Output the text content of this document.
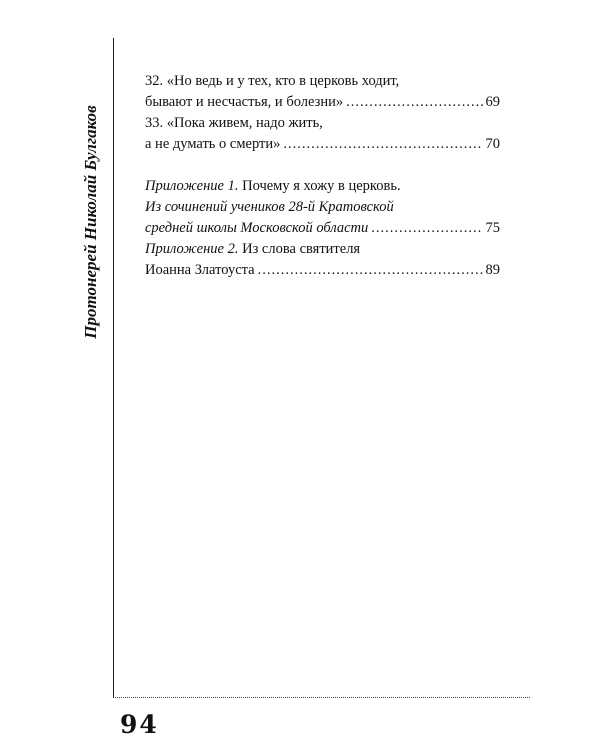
Протонерей Николай Булгаков
32. «Но ведь и у тех, кто в церковь ходит,
бывают и несчастья, и болезни» .....	69
33. «Пока живем, надо жить,
а не думать о смерти» .....	70
Приложение 1. Почему я хожу в церковь.
Из сочинений учеников 28-й Кратовской
средней школы Московской области .....	75
Приложение 2. Из слова святителя
Иоанна Златоуста .....	89
94
